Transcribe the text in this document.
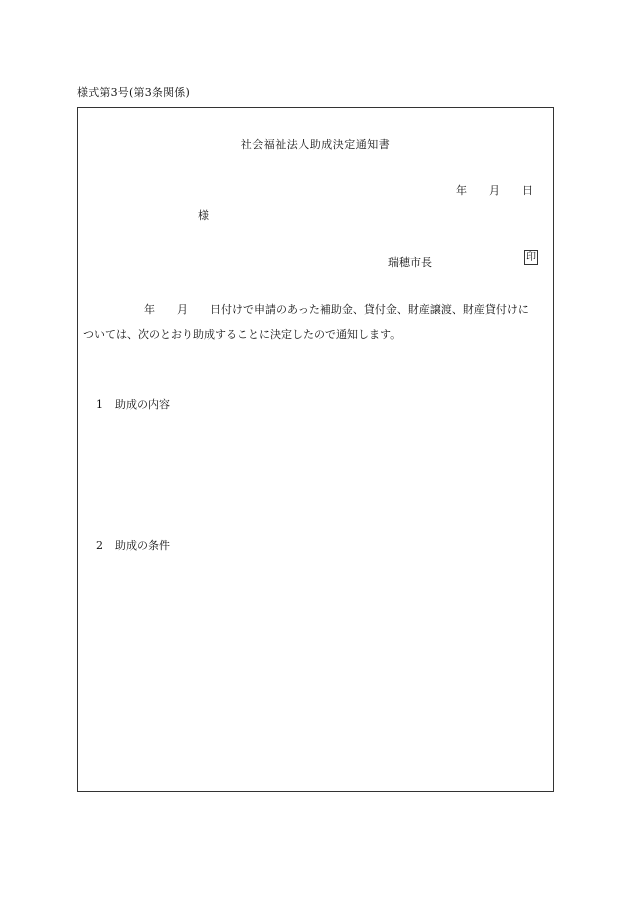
様式第3号(第3条関係)
社会福祉法人助成決定通知書
年 月 日
様
瑞穂市長	印
年 月 日付けで申請のあった補助金、貸付金、財産譲渡、財産貸付けに
ついては、次のとおり助成することに決定したので通知します。
1 助成の内容
2 助成の条件
